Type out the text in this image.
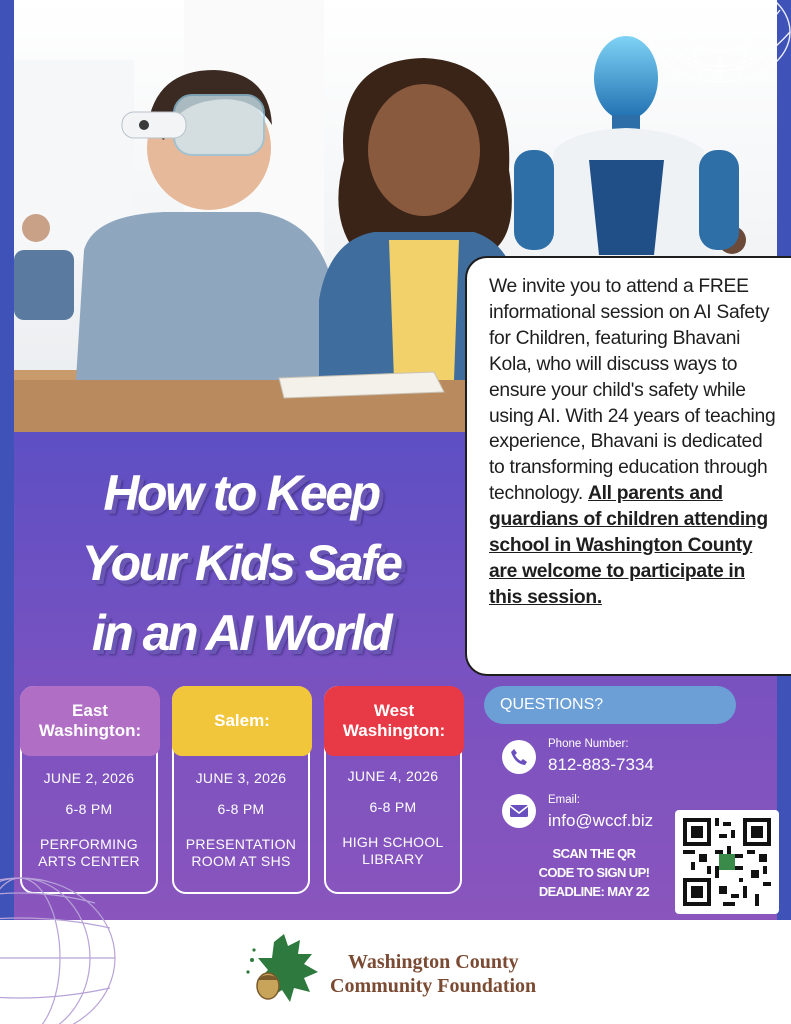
We invite you to attend a FREE informational session on AI Safety for Children, featuring Bhavani Kola, who will discuss ways to ensure your child's safety while using AI. With 24 years of teaching experience, Bhavani is dedicated to transforming education through technology. All parents and guardians of children attending school in Washington County are welcome to participate in this session.

How to Keep
Your Kids Safe
in an AI World
East Washington:
JUNE 2, 2026
6-8 PM
PERFORMING
ARTS CENTER
Salem:
JUNE 3, 2026
6-8 PM
PRESENTATION
ROOM AT SHS
West Washington:
JUNE 4, 2026
6-8 PM
HIGH SCHOOL
LIBRARY
QUESTIONS?
Phone Number:
812-883-7334
Email:
info@wccf.biz
SCAN THE QR
CODE TO SIGN UP!
DEADLINE: MAY 22
Washington County
Community Foundation
